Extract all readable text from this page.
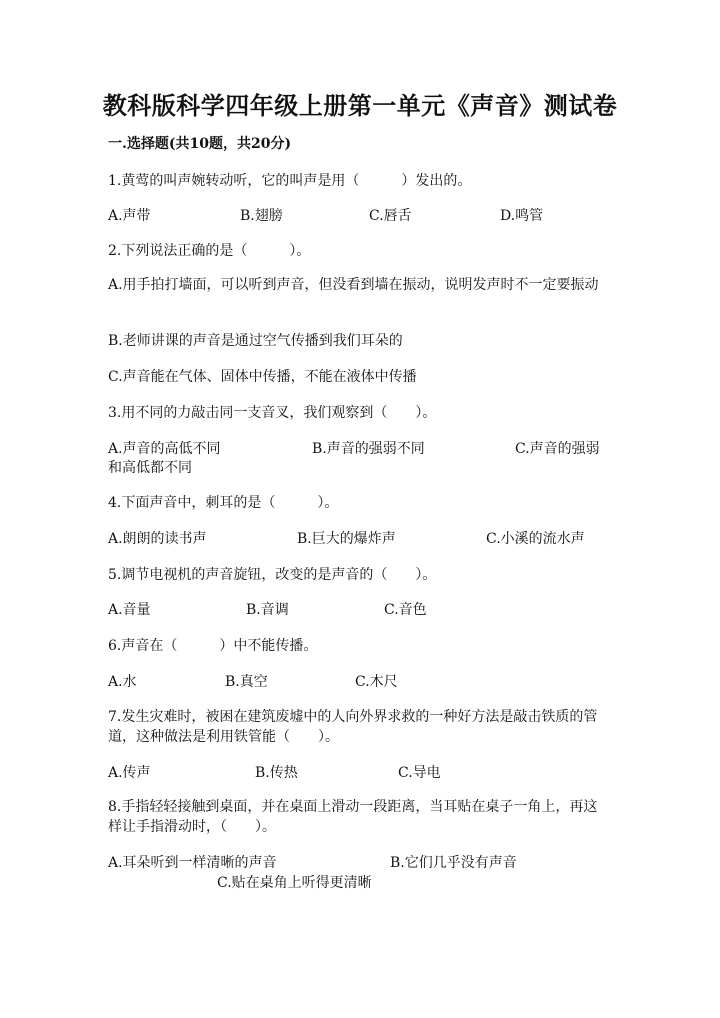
教科版科学四年级上册第一单元《声音》测试卷
一.选择题(共10题，共20分)
1.黄莺的叫声婉转动听，它的叫声是用（　　　）发出的。
A.声带	B.翅膀	C.唇舌	D.鸣管
2.下列说法正确的是（　　　）。
A.用手拍打墙面，可以听到声音，但没看到墙在振动，说明发声时不一定要振动
B.老师讲课的声音是通过空气传播到我们耳朵的
C.声音能在气体、固体中传播，不能在液体中传播
3.用不同的力敲击同一支音叉，我们观察到（　　）。
A.声音的高低不同	B.声音的强弱不同	C.声音的强弱
和高低都不同
4.下面声音中，刺耳的是（　　　）。
A.朗朗的读书声	B.巨大的爆炸声	C.小溪的流水声
5.调节电视机的声音旋钮，改变的是声音的（　　）。
A.音量	B.音调	C.音色
6.声音在（　　　）中不能传播。
A.水	B.真空	C.木尺
7.发生灾难时，被困在建筑废墟中的人向外界求救的一种好方法是敲击铁质的管道，这种做法是利用铁管能（　　）。
A.传声	B.传热	C.导电
8.手指轻轻接触到桌面，并在桌面上滑动一段距离，当耳贴在桌子一角上，再这样让手指滑动时，（　　）。
A.耳朵听到一样清晰的声音	B.它们几乎没有声音
C.贴在桌角上听得更清晰
